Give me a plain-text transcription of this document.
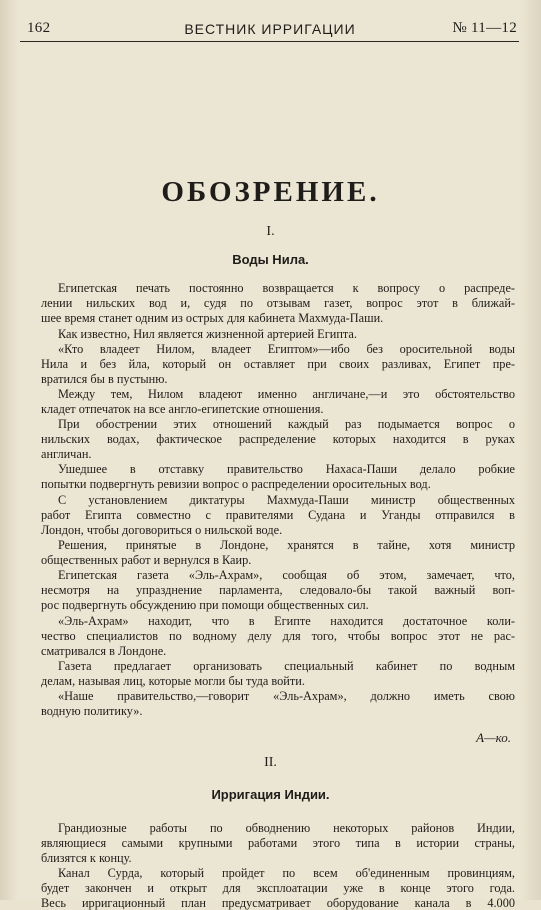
162	ВЕСТНИК ИРРИГАЦИИ	№ 11—12
ОБОЗРЕНИЕ.
I.
Воды Нила.
Египетская печать постоянно возвращается к вопросу о распреде-
лении нильских вод и, судя по отзывам газет, вопрос этот в ближай-
шее время станет одним из острых для кабинета Махмуда-Паши.
Как известно, Нил является жизненной артерией Египта.
«Кто владеет Нилом, владеет Египтом»—ибо без оросительной воды
Нила и без йла, который он оставляет при своих разливах, Египет пре-
вратился бы в пустыню.
Между тем, Нилом владеют именно англичане,—и это обстоятельство
кладет отпечаток на все англо-египетские отношения.
При обострении этих отношений каждый раз подымается вопрос о
нильских водах, фактическое распределение которых находится в руках
англичан.
Ушедшее в отставку правительство Нахаса-Паши делало робкие
попытки подвергнуть ревизии вопрос о распределении оросительных вод.
С установлением диктатуры Махмуда-Паши министр общественных
работ Египта совместно с правителями Судана и Уганды отправился в
Лондон, чтобы договориться о нильской воде.
Решения, принятые в Лондоне, хранятся в тайне, хотя министр
общественных работ и вернулся в Каир.
Египетская газета «Эль-Ахрам», сообщая об этом, замечает, что,
несмотря на упразднение парламента, следовало-бы такой важный воп-
рос подвергнуть обсуждению при помощи общественных сил.
«Эль-Ахрам» находит, что в Египте находится достаточное коли-
чество специалистов по водному делу для того, чтобы вопрос этот не рас-
сматривался в Лондоне.
Газета предлагает организовать специальный кабинет по водным
делам, называя лиц, которые могли бы туда войти.
«Наше правительство,—говорит «Эль-Ахрам», должно иметь свою
водную политику».
А—ко.
II.
Ирригация Индии.
Грандиозные работы по обводнению некоторых районов Индии,
являющиеся самыми крупными работами этого типа в истории страны,
близятся к концу.
Канал Сурда, который пройдет по всем об'единенным провинциям,
будет закончен и открыт для эксплоатации уже в конце этого года.
Весь ирригационный план предусматривает оборудование канала в 4.000
